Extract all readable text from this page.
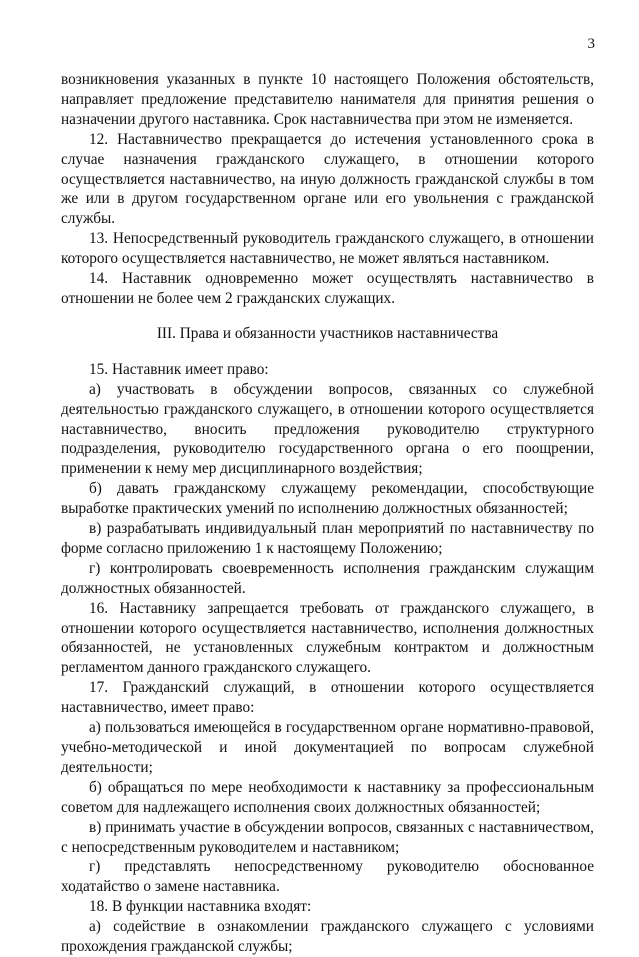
3

возникновения указанных в пункте 10 настоящего Положения обстоятельств, направляет предложение представителю нанимателя для принятия решения о назначении другого наставника. Срок наставничества при этом не изменяется.

12. Наставничество прекращается до истечения установленного срока в случае назначения гражданского служащего, в отношении которого осуществляется наставничество, на иную должность гражданской службы в том же или в другом государственном органе или его увольнения с гражданской службы.

13. Непосредственный руководитель гражданского служащего, в отношении которого осуществляется наставничество, не может являться наставником.

14. Наставник одновременно может осуществлять наставничество в отношении не более чем 2 гражданских служащих.

III. Права и обязанности участников наставничества

15. Наставник имеет право:

а) участвовать в обсуждении вопросов, связанных со служебной деятельностью гражданского служащего, в отношении которого осуществляется наставничество, вносить предложения руководителю структурного подразделения, руководителю государственного органа о его поощрении, применении к нему мер дисциплинарного воздействия;

б) давать гражданскому служащему рекомендации, способствующие выработке практических умений по исполнению должностных обязанностей;

в) разрабатывать индивидуальный план мероприятий по наставничеству по форме согласно приложению 1 к настоящему Положению;

г) контролировать своевременность исполнения гражданским служащим должностных обязанностей.

16. Наставнику запрещается требовать от гражданского служащего, в отношении которого осуществляется наставничество, исполнения должностных обязанностей, не установленных служебным контрактом и должностным регламентом данного гражданского служащего.

17. Гражданский служащий, в отношении которого осуществляется наставничество, имеет право:

а) пользоваться имеющейся в государственном органе нормативно-правовой, учебно-методической и иной документацией по вопросам служебной деятельности;

б) обращаться по мере необходимости к наставнику за профессиональным советом для надлежащего исполнения своих должностных обязанностей;

в) принимать участие в обсуждении вопросов, связанных с наставничеством, с непосредственным руководителем и наставником;

г) представлять непосредственному руководителю обоснованное ходатайство о замене наставника.

18. В функции наставника входят:

а) содействие в ознакомлении гражданского служащего с условиями прохождения гражданской службы;
